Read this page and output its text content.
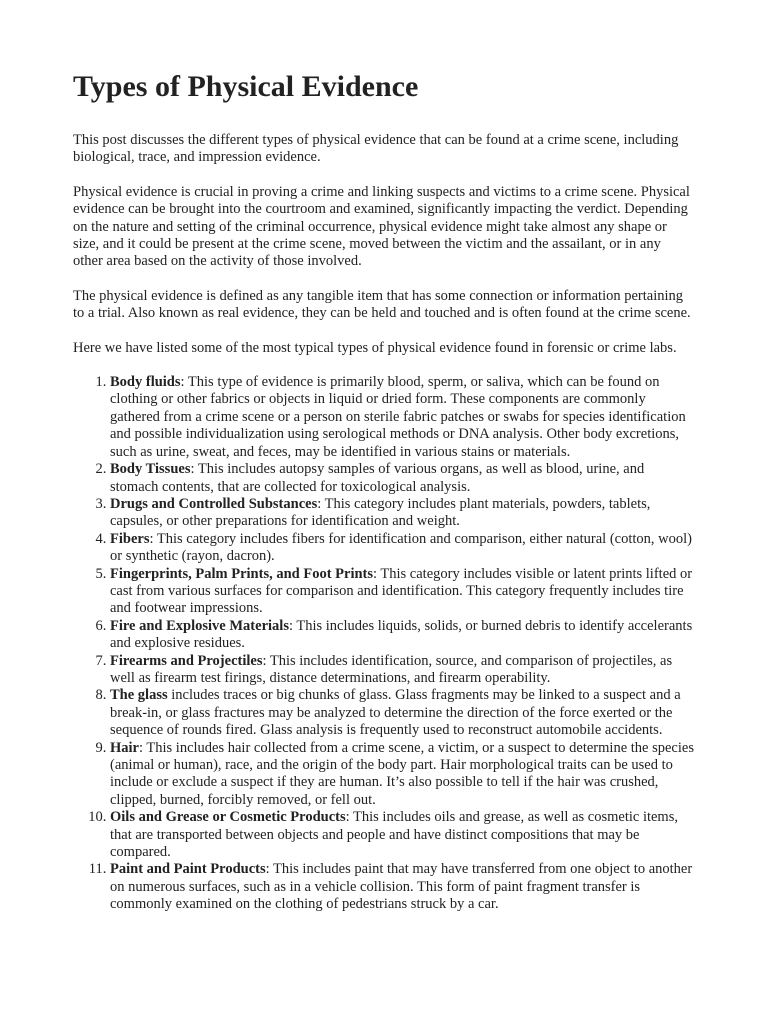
Types of Physical Evidence

This post discusses the different types of physical evidence that can be found at a crime scene, including biological, trace, and impression evidence.

Physical evidence is crucial in proving a crime and linking suspects and victims to a crime scene. Physical evidence can be brought into the courtroom and examined, significantly impacting the verdict. Depending on the nature and setting of the criminal occurrence, physical evidence might take almost any shape or size, and it could be present at the crime scene, moved between the victim and the assailant, or in any other area based on the activity of those involved.

The physical evidence is defined as any tangible item that has some connection or information pertaining to a trial. Also known as real evidence, they can be held and touched and is often found at the crime scene.

Here we have listed some of the most typical types of physical evidence found in forensic or crime labs.

1. Body fluids: This type of evidence is primarily blood, sperm, or saliva, which can be found on clothing or other fabrics or objects in liquid or dried form. These components are commonly gathered from a crime scene or a person on sterile fabric patches or swabs for species identification and possible individualization using serological methods or DNA analysis. Other body excretions, such as urine, sweat, and feces, may be identified in various stains or materials.
2. Body Tissues: This includes autopsy samples of various organs, as well as blood, urine, and stomach contents, that are collected for toxicological analysis.
3. Drugs and Controlled Substances: This category includes plant materials, powders, tablets, capsules, or other preparations for identification and weight.
4. Fibers: This category includes fibers for identification and comparison, either natural (cotton, wool) or synthetic (rayon, dacron).
5. Fingerprints, Palm Prints, and Foot Prints: This category includes visible or latent prints lifted or cast from various surfaces for comparison and identification. This category frequently includes tire and footwear impressions.
6. Fire and Explosive Materials: This includes liquids, solids, or burned debris to identify accelerants and explosive residues.
7. Firearms and Projectiles: This includes identification, source, and comparison of projectiles, as well as firearm test firings, distance determinations, and firearm operability.
8. The glass includes traces or big chunks of glass. Glass fragments may be linked to a suspect and a break-in, or glass fractures may be analyzed to determine the direction of the force exerted or the sequence of rounds fired. Glass analysis is frequently used to reconstruct automobile accidents.
9. Hair: This includes hair collected from a crime scene, a victim, or a suspect to determine the species (animal or human), race, and the origin of the body part. Hair morphological traits can be used to include or exclude a suspect if they are human. It’s also possible to tell if the hair was crushed, clipped, burned, forcibly removed, or fell out.
10. Oils and Grease or Cosmetic Products: This includes oils and grease, as well as cosmetic items, that are transported between objects and people and have distinct compositions that may be compared.
11. Paint and Paint Products: This includes paint that may have transferred from one object to another on numerous surfaces, such as in a vehicle collision. This form of paint fragment transfer is commonly examined on the clothing of pedestrians struck by a car.
